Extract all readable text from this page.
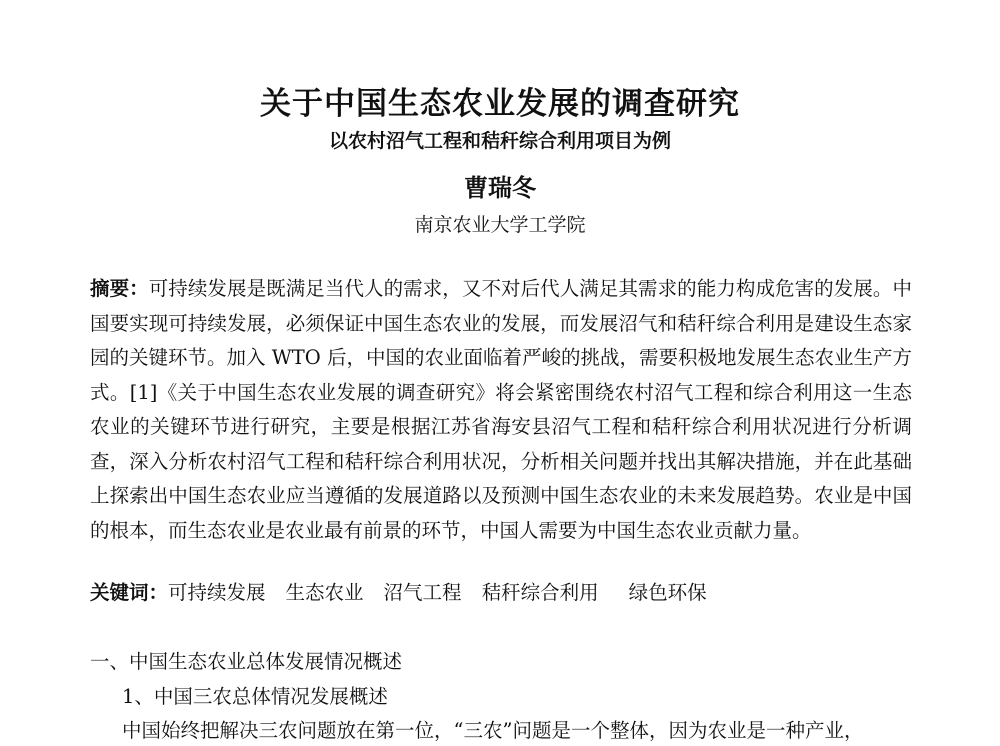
关于中国生态农业发展的调查研究
以农村沼气工程和秸秆综合利用项目为例
曹瑞冬
南京农业大学工学院
摘要：可持续发展是既满足当代人的需求，又不对后代人满足其需求的能力构成危害的发展。中国要实现可持续发展，必须保证中国生态农业的发展，而发展沼气和秸秆综合利用是建设生态家园的关键环节。加入 WTO 后，中国的农业面临着严峻的挑战，需要积极地发展生态农业生产方式。[1]《关于中国生态农业发展的调查研究》将会紧密围绕农村沼气工程和综合利用这一生态农业的关键环节进行研究，主要是根据江苏省海安县沼气工程和秸秆综合利用状况进行分析调查，深入分析农村沼气工程和秸秆综合利用状况，分析相关问题并找出其解决措施，并在此基础上探索出中国生态农业应当遵循的发展道路以及预测中国生态农业的未来发展趋势。农业是中国的根本，而生态农业是农业最有前景的环节，中国人需要为中国生态农业贡献力量。
关键词：可持续发展 生态农业 沼气工程 秸秆综合利用 绿色环保
一、中国生态农业总体发展情况概述
1、中国三农总体情况发展概述
中国始终把解决三农问题放在第一位，“三农”问题是一个整体，因为农业是一种产业，
